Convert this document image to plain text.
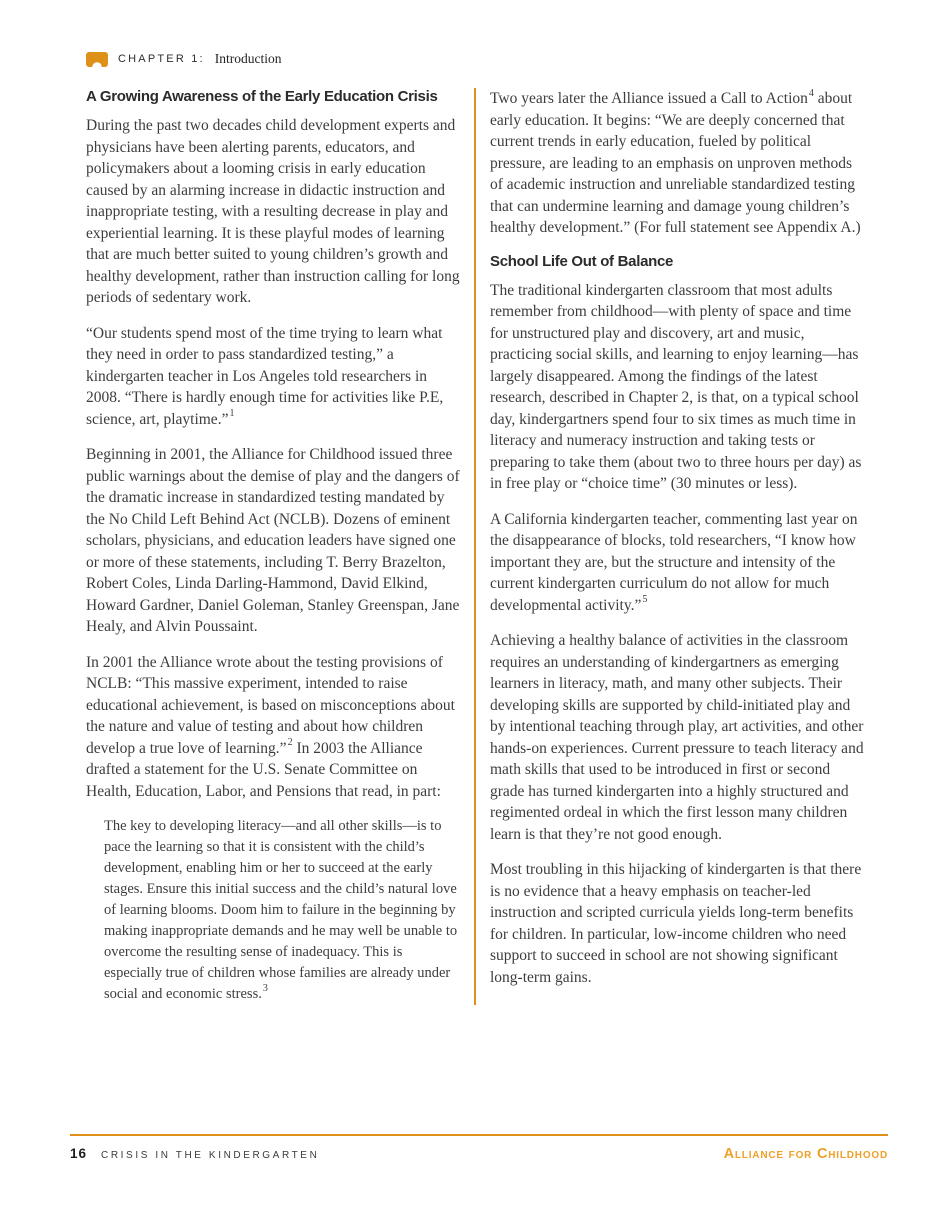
CHAPTER 1: Introduction
A Growing Awareness of the Early Education Crisis

During the past two decades child development experts and physicians have been alerting parents, educators, and policymakers about a looming crisis in early education caused by an alarming increase in didactic instruction and inappropriate testing, with a resulting decrease in play and experiential learning. It is these playful modes of learning that are much better suited to young children’s growth and healthy development, rather than instruction calling for long periods of sedentary work.

“Our students spend most of the time trying to learn what they need in order to pass standardized testing,” a kindergarten teacher in Los Angeles told researchers in 2008. “There is hardly enough time for activities like P.E, science, art, playtime.”$^1$

Beginning in 2001, the Alliance for Childhood issued three public warnings about the demise of play and the dangers of the dramatic increase in standardized testing mandated by the No Child Left Behind Act (NCLB). Dozens of eminent scholars, physicians, and education leaders have signed one or more of these statements, including T. Berry Brazelton, Robert Coles, Linda Darling-Hammond, David Elkind, Howard Gardner, Daniel Goleman, Stanley Greenspan, Jane Healy, and Alvin Poussaint.

In 2001 the Alliance wrote about the testing provisions of NCLB: “This massive experiment, intended to raise educational achievement, is based on misconceptions about the nature and value of testing and about how children develop a true love of learning.”$^2$ In 2003 the Alliance drafted a statement for the U.S. Senate Committee on Health, Education, Labor, and Pensions that read, in part:

The key to developing literacy—and all other skills—is to pace the learning so that it is consistent with the child’s development, enabling him or her to succeed at the early stages. Ensure this initial success and the child’s natural love of learning blooms. Doom him to failure in the beginning by making inappropriate demands and he may well be unable to overcome the resulting sense of inadequacy. This is especially true of children whose families are already under social and economic stress.$^3$

Two years later the Alliance issued a Call to Action$^4$ about early education. It begins: “We are deeply concerned that current trends in early education, fueled by political pressure, are leading to an emphasis on unproven methods of academic instruction and unreliable standardized testing that can undermine learning and damage young children’s healthy development.” (For full statement see Appendix A.)

School Life Out of Balance

The traditional kindergarten classroom that most adults remember from childhood—with plenty of space and time for unstructured play and discovery, art and music, practicing social skills, and learning to enjoy learning—has largely disappeared. Among the findings of the latest research, described in Chapter 2, is that, on a typical school day, kindergartners spend four to six times as much time in literacy and numeracy instruction and taking tests or preparing to take them (about two to three hours per day) as in free play or “choice time” (30 minutes or less).

A California kindergarten teacher, commenting last year on the disappearance of blocks, told researchers, “I know how important they are, but the structure and intensity of the current kindergarten curriculum do not allow for much developmental activity.”$^5$

Achieving a healthy balance of activities in the classroom requires an understanding of kindergartners as emerging learners in literacy, math, and many other subjects. Their developing skills are supported by child-initiated play and by intentional teaching through play, art activities, and other hands-on experiences. Current pressure to teach literacy and math skills that used to be introduced in first or second grade has turned kindergarten into a highly structured and regimented ordeal in which the first lesson many children learn is that they’re not good enough.

Most troubling in this hijacking of kindergarten is that there is no evidence that a heavy emphasis on teacher-led instruction and scripted curricula yields long-term benefits for children. In particular, low-income children who need support to succeed in school are not showing significant long-term gains.

16 CRISIS IN THE KINDERGARTEN	Alliance for Childhood
